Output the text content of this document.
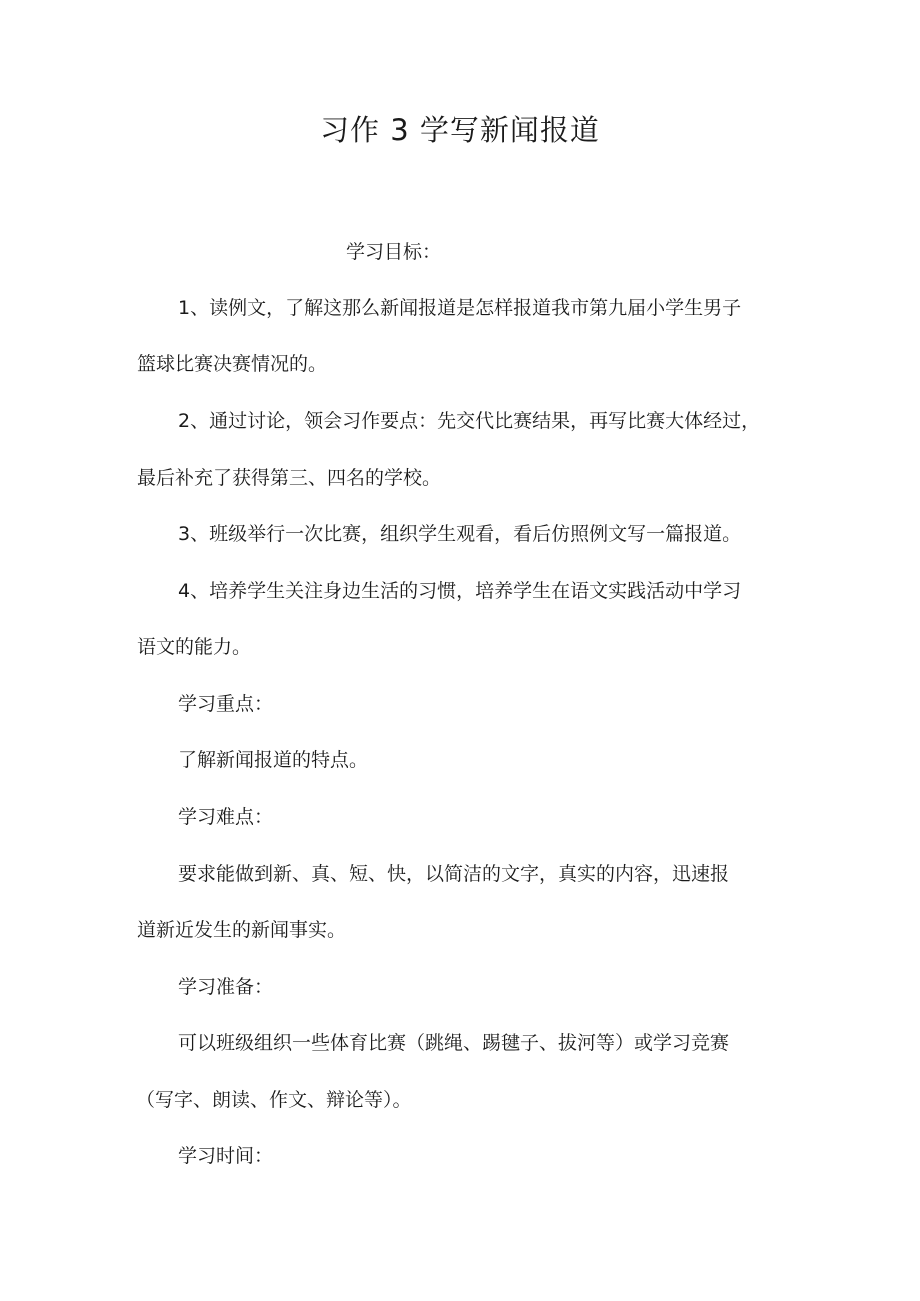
习作 3 学写新闻报道
学习目标：
1、读例文，了解这那么新闻报道是怎样报道我市第九届小学生男子
篮球比赛决赛情况的。
2、通过讨论，领会习作要点：先交代比赛结果，再写比赛大体经过，
最后补充了获得第三、四名的学校。
3、班级举行一次比赛，组织学生观看，看后仿照例文写一篇报道。
4、培养学生关注身边生活的习惯，培养学生在语文实践活动中学习
语文的能力。
学习重点：
了解新闻报道的特点。
学习难点：
要求能做到新、真、短、快，以简洁的文字，真实的内容，迅速报
道新近发生的新闻事实。
学习准备：
可以班级组织一些体育比赛（跳绳、踢毽子、拔河等）或学习竞赛
（写字、朗读、作文、辩论等）。
学习时间：
